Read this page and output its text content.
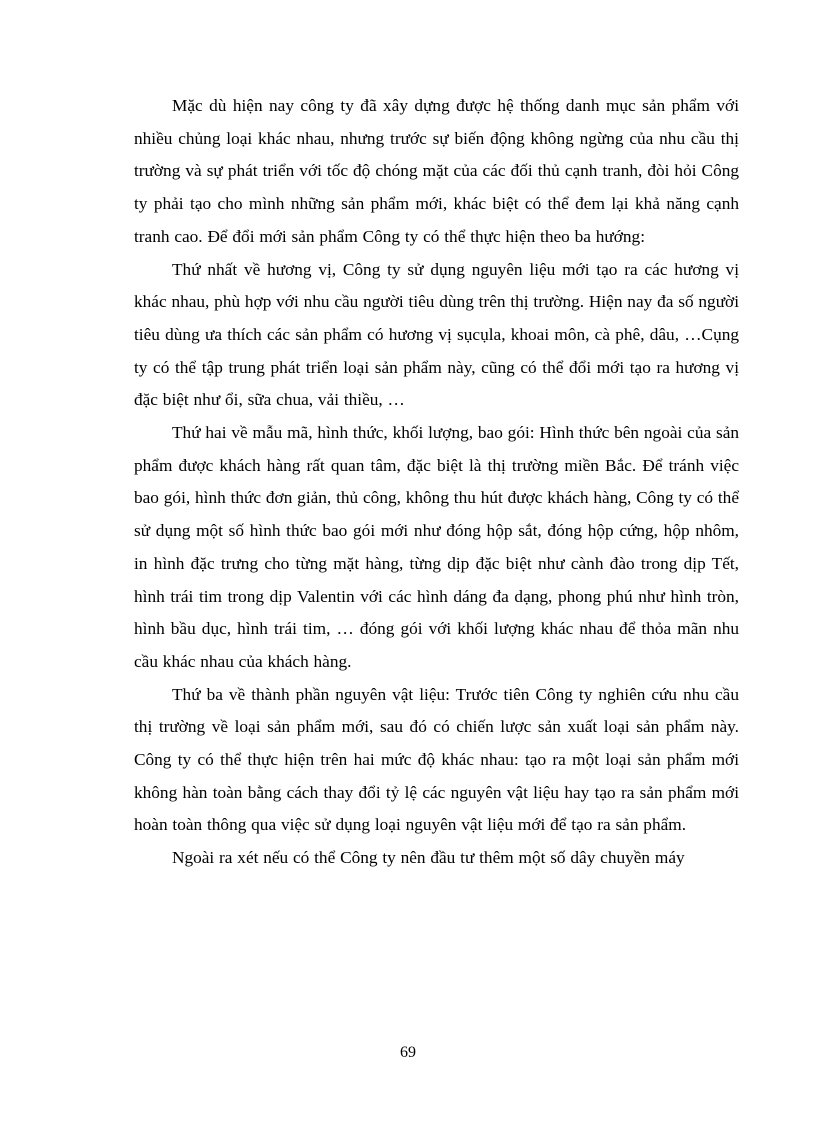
Mặc dù hiện nay công ty đã xây dựng được hệ thống danh mục sản phẩm với nhiều chủng loại khác nhau, nhưng trước sự biến động không ngừng của nhu cầu thị trường và sự phát triển với tốc độ chóng mặt của các đối thủ cạnh tranh, đòi hỏi Công ty phải tạo cho mình những sản phẩm mới, khác biệt có thể đem lại khả năng cạnh tranh cao. Để đổi mới sản phẩm Công ty có thể thực hiện theo ba hướng:

Thứ nhất về hương vị, Công ty sử dụng nguyên liệu mới tạo ra các hương vị khác nhau, phù hợp với nhu cầu người tiêu dùng trên thị trường. Hiện nay đa số người tiêu dùng ưa thích các sản phẩm có hương vị sụcụla, khoai môn, cà phê, dâu, …Cụng ty có thể tập trung phát triển loại sản phẩm này, cũng có thể đổi mới tạo ra hương vị đặc biệt như ổi, sữa chua, vải thiều, …

Thứ hai về mẫu mã, hình thức, khối lượng, bao gói: Hình thức bên ngoài của sản phẩm được khách hàng rất quan tâm, đặc biệt là thị trường miền Bắc. Để tránh việc bao gói, hình thức đơn giản, thủ công, không thu hút được khách hàng, Công ty có thể sử dụng một số hình thức bao gói mới như đóng hộp sắt, đóng hộp cứng, hộp nhôm, in hình đặc trưng cho từng mặt hàng, từng dịp đặc biệt như cành đào trong dịp Tết, hình trái tim trong dịp Valentin với các hình dáng đa dạng, phong phú như hình tròn, hình bầu dục, hình trái tim, … đóng gói với khối lượng khác nhau để thỏa mãn nhu cầu khác nhau của khách hàng.

Thứ ba về thành phần nguyên vật liệu: Trước tiên Công ty nghiên cứu nhu cầu thị trường về loại sản phẩm mới, sau đó có chiến lược sản xuất loại sản phẩm này. Công ty có thể thực hiện trên hai mức độ khác nhau: tạo ra một loại sản phẩm mới không hàn toàn bằng cách thay đổi tỷ lệ các nguyên vật liệu hay tạo ra sản phẩm mới hoàn toàn thông qua việc sử dụng loại nguyên vật liệu mới để tạo ra sản phẩm.

Ngoài ra xét nếu có thể Công ty nên đầu tư thêm một số dây chuyền máy

69
